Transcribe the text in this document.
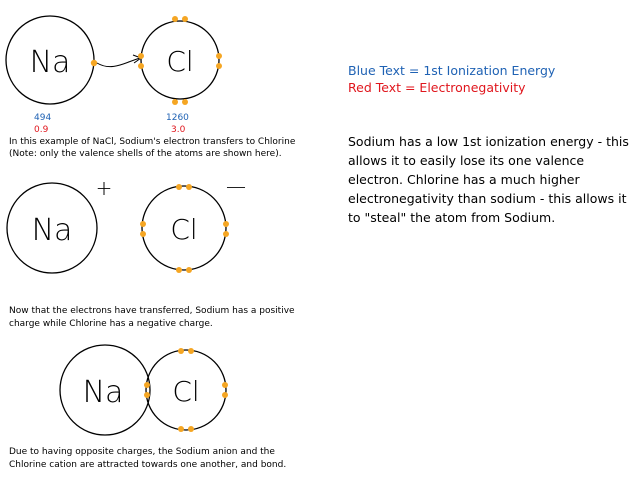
Na	Cl
Na
+
Cl
—
Na Cl
494
0.9
1260
3.0
In this example of NaCl, Sodium's electron transfers to Chlorine
(Note: only the valence shells of the atoms are shown here).
Now that the electrons have transferred, Sodium has a positive
charge while Chlorine has a negative charge.
Due to having opposite charges, the Sodium anion and the
Chlorine cation are attracted towards one another, and bond.
Blue Text = 1st Ionization Energy
Red Text = Electronegativity
Sodium has a low 1st ionization energy - this allows it to easily lose its one valence electron. Chlorine has a much higher electronegativity than sodium - this allows it to "steal" the atom from Sodium.
